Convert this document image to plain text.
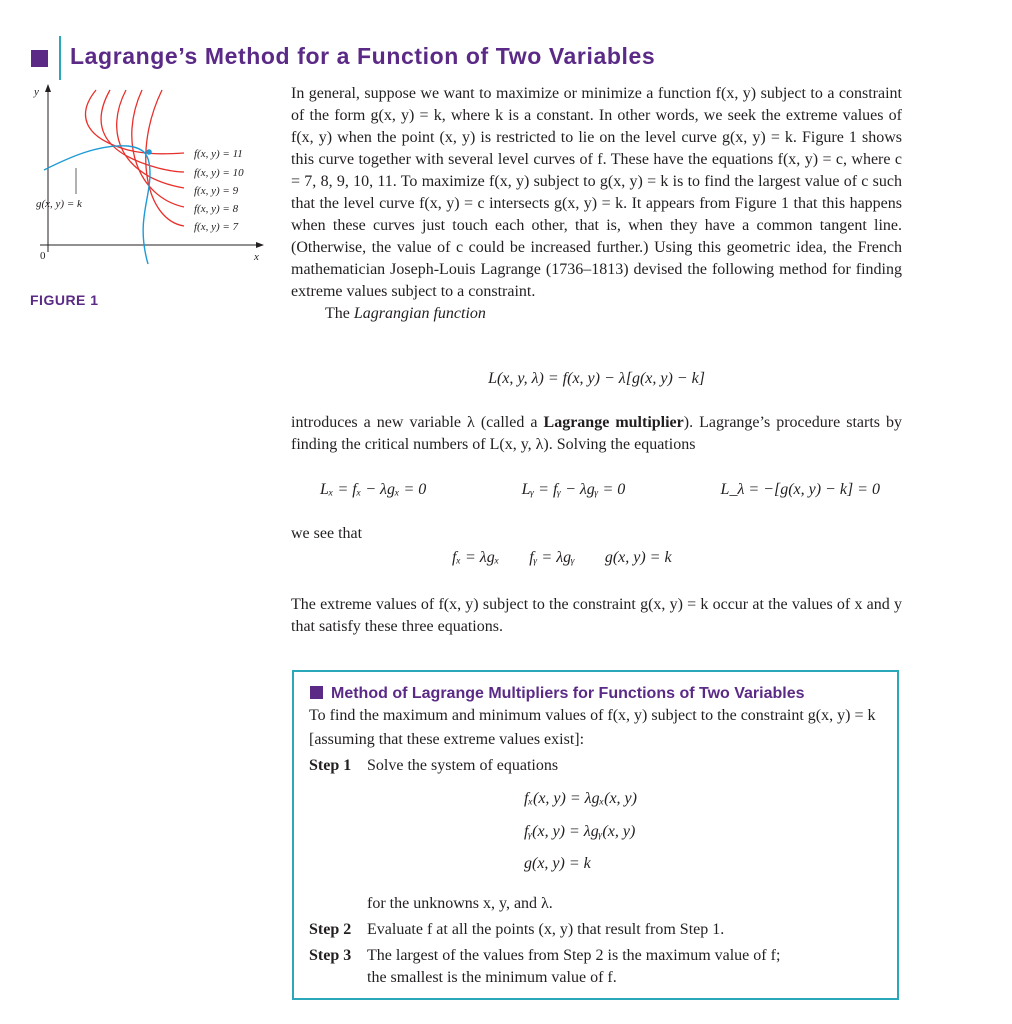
Lagrange’s Method for a Function of Two Variables
y
x
0
g(x, y) = k
f(x, y) = 11
f(x, y) = 10
f(x, y) = 9
f(x, y) = 8
f(x, y) = 7
FIGURE 1

In general, suppose we want to maximize or minimize a function f(x, y) subject to a constraint of the form g(x, y) = k, where k is a constant. In other words, we seek the extreme values of f(x, y) when the point (x, y) is restricted to lie on the level curve g(x, y) = k. Figure 1 shows this curve together with several level curves of f. These have the equations f(x, y) = c, where c = 7, 8, 9, 10, 11. To maximize f(x, y) subject to g(x, y) = k is to find the largest value of c such that the level curve f(x, y) = c intersects g(x, y) = k. It appears from Figure 1 that this happens when these curves just touch each other, that is, when they have a common tangent line. (Otherwise, the value of c could be increased further.) Using this geometric idea, the French mathematician Joseph-Louis Lagrange (1736–1813) devised the following method for finding extreme values subject to a constraint.

The Lagrangian function

L(x, y, λ) = f(x, y) − λ[g(x, y) − k]

introduces a new variable λ (called a Lagrange multiplier). Lagrange’s procedure starts by finding the critical numbers of L(x, y, λ). Solving the equations

Lₓ = fₓ − λgₓ = 0	Lᵧ = fᵧ − λgᵧ = 0	L_λ = −[g(x, y) − k] = 0

we see that

fₓ = λgₓ fᵧ = λgᵧ g(x, y) = k

The extreme values of f(x, y) subject to the constraint g(x, y) = k occur at the values of x and y that satisfy these three equations.

Method of Lagrange Multipliers for Functions of Two Variables
To find the maximum and minimum values of f(x, y) subject to the constraint g(x, y) = k [assuming that these extreme values exist]:
Step 1 Solve the system of equations
fₓ(x, y) = λgₓ(x, y)
fᵧ(x, y) = λgᵧ(x, y)
g(x, y) = k
for the unknowns x, y, and λ.
Step 2 Evaluate f at all the points (x, y) that result from Step 1.
Step 3 The largest of the values from Step 2 is the maximum value of f;
the smallest is the minimum value of f.
